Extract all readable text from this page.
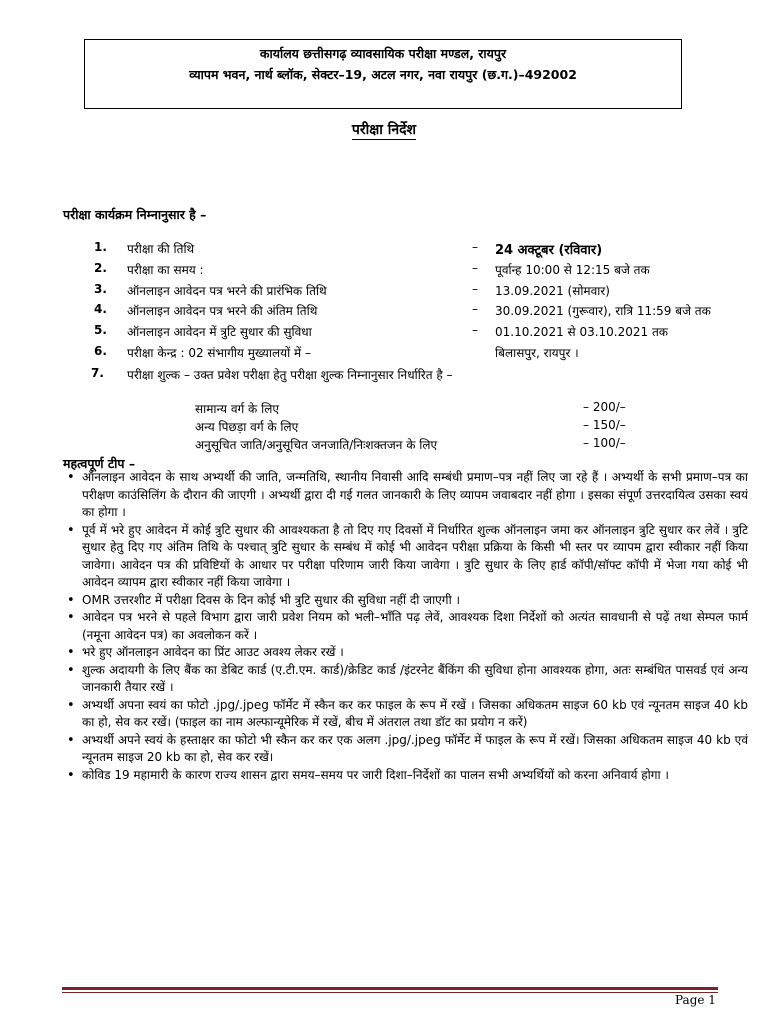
कार्यालय छत्तीसगढ़ व्यावसायिक परीक्षा मण्डल, रायपुर
व्यापम भवन, नार्थ ब्लॉक, सेक्टर–19, अटल नगर, नवा रायपुर (छ.ग.)–492002
परीक्षा निर्देश
परीक्षा कार्यक्रम निम्नानुसार है –
1. परीक्षा की तिथि	– 24 अक्टूबर (रविवार)
2. परीक्षा का समय :	– पूर्वान्ह 10:00 से 12:15 बजे तक
3. ऑनलाइन आवेदन पत्र भरने की प्रारंभिक तिथि	– 13.09.2021 (सोमवार)
4. ऑनलाइन आवेदन पत्र भरने की अंतिम तिथि	– 30.09.2021 (गुरूवार), रात्रि 11:59 बजे तक
5. ऑनलाइन आवेदन में त्रुटि सुधार की सुविधा	– 01.10.2021 से 03.10.2021 तक
6. परीक्षा केन्द्र : 02 संभागीय मुख्यालयों में –	बिलासपुर, रायपुर ।
7. परीक्षा शुल्क – उक्त प्रवेश परीक्षा हेतु परीक्षा शुल्क निम्नानुसार निर्धारित है –
सामान्य वर्ग के लिए	– 200/–
अन्य पिछड़ा वर्ग के लिए	– 150/–
अनुसूचित जाति/अनुसूचित जनजाति/निःशक्तजन के लिए	– 100/–
महत्वपूर्ण टीप –
• ऑनलाइन आवेदन के साथ अभ्यर्थी की जाति, जन्मतिथि, स्थानीय निवासी आदि सम्बंधी प्रमाण–पत्र नहीं लिए जा रहे हैं । अभ्यर्थी के सभी प्रमाण–पत्र का परीक्षण काउंसिलिंग के दौरान की जाएगी । अभ्यर्थी द्वारा दी गई गलत जानकारी के लिए व्यापम जवाबदार नहीं होगा । इसका संपूर्ण उत्तरदायित्व उसका स्वयं का होगा ।
• पूर्व में भरे हुए आवेदन में कोई त्रुटि सुधार की आवश्यकता है तो दिए गए दिवसों में निर्धारित शुल्क ऑनलाइन जमा कर ऑनलाइन त्रुटि सुधार कर लेवें । त्रुटि सुधार हेतु दिए गए अंतिम तिथि के पश्चात् त्रुटि सुधार के सम्बंध में कोई भी आवेदन परीक्षा प्रक्रिया के किसी भी स्तर पर व्यापम द्वारा स्वीकार नहीं किया जावेगा। आवेदन पत्र की प्रविष्टियों के आधार पर परीक्षा परिणाम जारी किया जावेगा । त्रुटि सुधार के लिए हार्ड कॉपी/सॉफ्ट कॉपी में भेजा गया कोई भी आवेदन व्यापम द्वारा स्वीकार नहीं किया जावेगा ।
• OMR उत्तरशीट में परीक्षा दिवस के दिन कोई भी त्रुटि सुधार की सुविधा नहीं दी जाएगी ।
• आवेदन पत्र भरने से पहले विभाग द्वारा जारी प्रवेश नियम को भली–भाँति पढ़ लेवें, आवश्यक दिशा निर्देशों को अत्यंत सावधानी से पढ़ें तथा सेम्पल फार्म (नमूना आवेदन पत्र) का अवलोकन करें ।
• भरे हुए ऑनलाइन आवेदन का प्रिंट आउट अवश्य लेकर रखें ।
• शुल्क अदायगी के लिए बैंक का डेबिट कार्ड (ए.टी.एम. कार्ड)/क्रेडिट कार्ड /इंटरनेट बैंकिंग की सुविधा होना आवश्यक होगा, अतः सम्बंधित पासवर्ड एवं अन्य जानकारी तैयार रखें ।
• अभ्यर्थी अपना स्वयं का फोटो .jpg/.jpeg फॉर्मेट में स्कैन कर कर फाइल के रूप में रखें । जिसका अधिकतम साइज 60 kb एवं न्यूनतम साइज 40 kb का हो, सेव कर रखें। (फाइल का नाम अल्फान्यूमेरिक में रखें, बीच में अंतराल तथा डॉट का प्रयोग न करें)
• अभ्यर्थी अपने स्वयं के हस्ताक्षर का फोटो भी स्कैन कर कर एक अलग .jpg/.jpeg फॉर्मेट में फाइल के रूप में रखें। जिसका अधिकतम साइज 40 kb एवं न्यूनतम साइज 20 kb का हो, सेव कर रखें।
• कोविड 19 महामारी के कारण राज्य शासन द्वारा समय–समय पर जारी दिशा–निर्देशों का पालन सभी अभ्यर्थियों को करना अनिवार्य होगा ।
Page 1
